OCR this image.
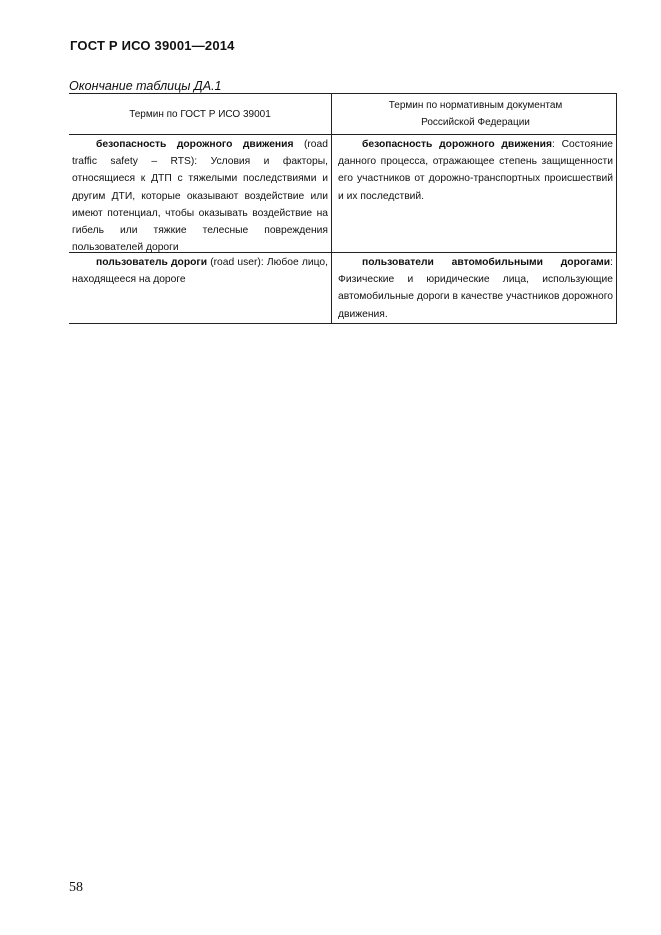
ГОСТ Р ИСО 39001—2014
Окончание таблицы ДА.1
Термин по ГОСТ Р ИСО 39001
Термин по нормативным документам
Российской Федерации
безопасность дорожного движения (road traffic safety – RTS): Условия и факторы, относящиеся к ДТП с тяжелыми последствиями и другим ДТИ, которые оказывают воздействие или имеют потенциал, чтобы оказывать воздействие на гибель или тяжкие телесные повреждения пользователей дороги
безопасность дорожного движения: Состояние данного процесса, отражающее степень защищенности его участников от дорожно-транспортных происшествий и их последствий.
пользователь дороги (road user): Любое лицо, находящееся на дороге
пользователи автомобильными дорогами: Физические и юридические лица, использующие автомобильные дороги в качестве участников дорожного движения.
58
